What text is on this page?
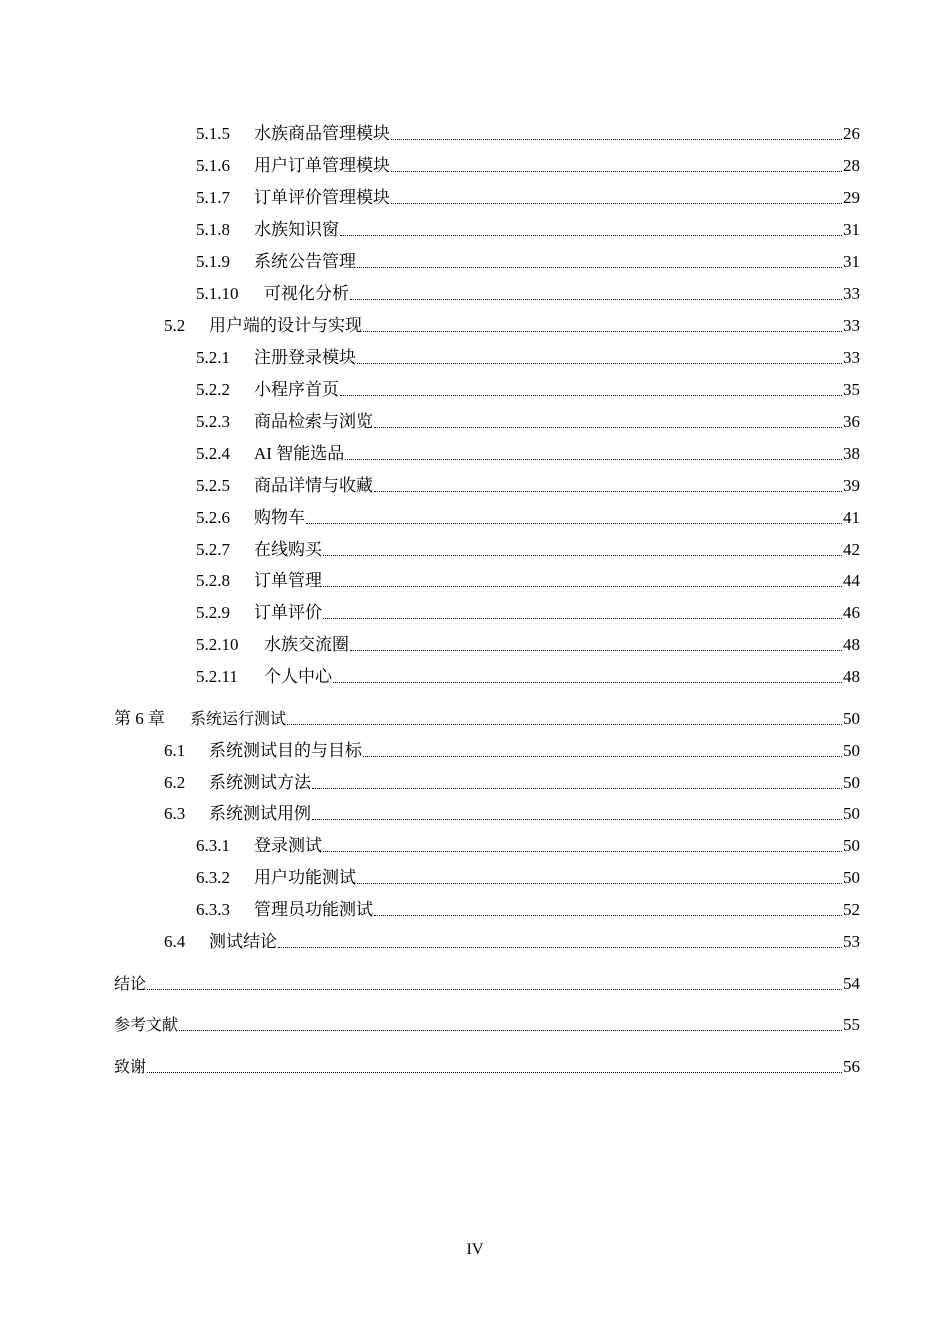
5.1.5	水族商品管理模块	26
5.1.6	用户订单管理模块	28
5.1.7	订单评价管理模块	29
5.1.8	水族知识窗	31
5.1.9	系统公告管理	31
5.1.10	可视化分析	33
5.2	用户端的设计与实现	33
5.2.1	注册登录模块	33
5.2.2	小程序首页	35
5.2.3	商品检索与浏览	36
5.2.4	AI 智能选品	38
5.2.5	商品详情与收藏	39
5.2.6	购物车	41
5.2.7	在线购买	42
5.2.8	订单管理	44
5.2.9	订单评价	46
5.2.10	水族交流圈	48
5.2.11	个人中心	48
第 6 章	系统运行测试	50
6.1	系统测试目的与目标	50
6.2	系统测试方法	50
6.3	系统测试用例	50
6.3.1	登录测试	50
6.3.2	用户功能测试	50
6.3.3	管理员功能测试	52
6.4	测试结论	53
结论	54
参考文献	55
致谢	56
IV
